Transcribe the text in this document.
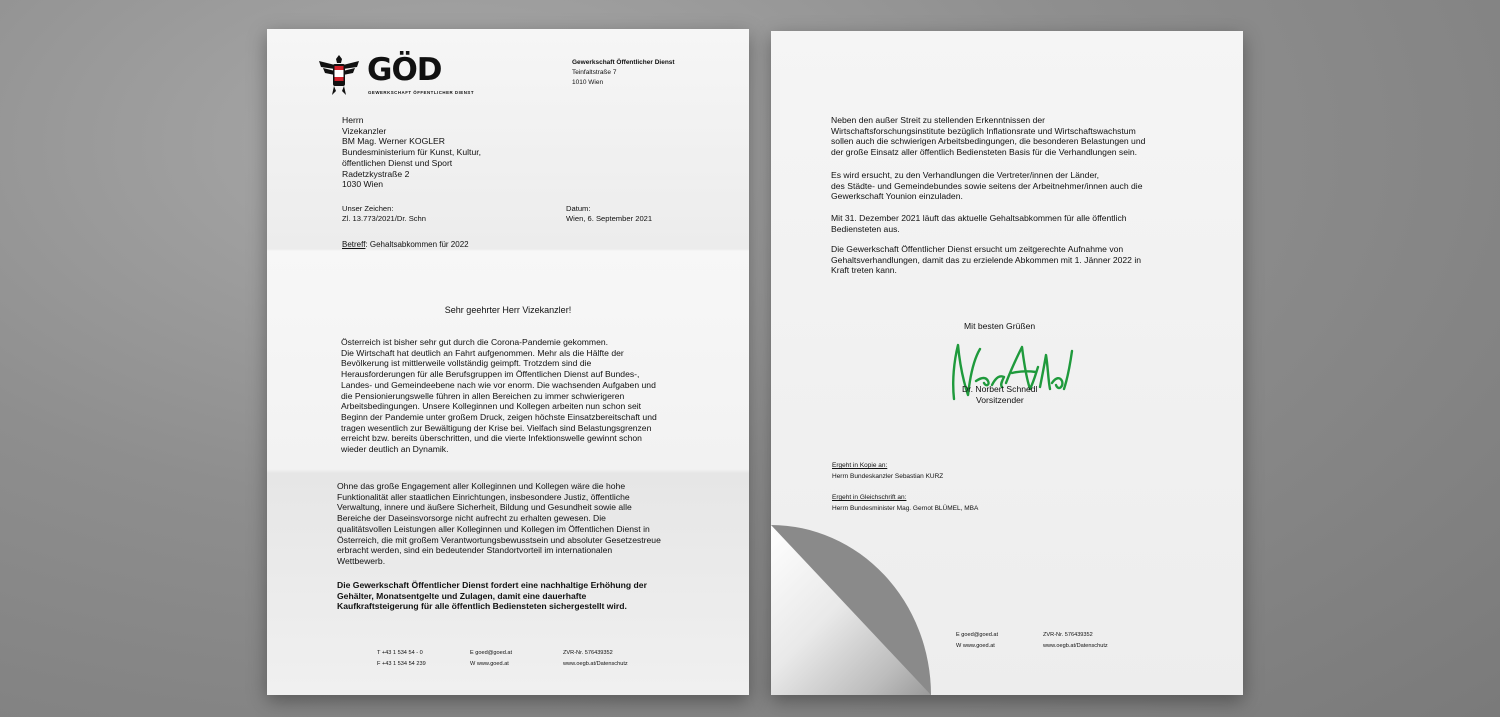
GÖD
GEWERKSCHAFT ÖFFENTLICHER DIENST
Gewerkschaft Öffentlicher Dienst
Teinfaltstraße 7
1010 Wien
Herrn
Vizekanzler
BM Mag. Werner KOGLER
Bundesministerium für Kunst, Kultur,
öffentlichen Dienst und Sport
Radetzkystraße 2
1030 Wien
Unser Zeichen:
Zl. 13.773/2021/Dr. Schn
Datum:
Wien, 6. September 2021
Betreff: Gehaltsabkommen für 2022
Sehr geehrter Herr Vizekanzler!
Österreich ist bisher sehr gut durch die Corona-Pandemie gekommen.
Die Wirtschaft hat deutlich an Fahrt aufgenommen. Mehr als die Hälfte der
Bevölkerung ist mittlerweile vollständig geimpft. Trotzdem sind die
Herausforderungen für alle Berufsgruppen im Öffentlichen Dienst auf Bundes-,
Landes- und Gemeindeebene nach wie vor enorm. Die wachsenden Aufgaben und
die Pensionierungswelle führen in allen Bereichen zu immer schwierigeren
Arbeitsbedingungen. Unsere Kolleginnen und Kollegen arbeiten nun schon seit
Beginn der Pandemie unter großem Druck, zeigen höchste Einsatzbereitschaft und
tragen wesentlich zur Bewältigung der Krise bei. Vielfach sind Belastungsgrenzen
erreicht bzw. bereits überschritten, und die vierte Infektionswelle gewinnt schon
wieder deutlich an Dynamik.
Ohne das große Engagement aller Kolleginnen und Kollegen wäre die hohe
Funktionalität aller staatlichen Einrichtungen, insbesondere Justiz, öffentliche
Verwaltung, innere und äußere Sicherheit, Bildung und Gesundheit sowie alle
Bereiche der Daseinsvorsorge nicht aufrecht zu erhalten gewesen. Die
qualitätsvollen Leistungen aller Kolleginnen und Kollegen im Öffentlichen Dienst in
Österreich, die mit großem Verantwortungsbewusstsein und absoluter Gesetzestreue
erbracht werden, sind ein bedeutender Standortvorteil im internationalen
Wettbewerb.
Die Gewerkschaft Öffentlicher Dienst fordert eine nachhaltige Erhöhung der
Gehälter, Monatsentgelte und Zulagen, damit eine dauerhafte
Kaufkraftsteigerung für alle öffentlich Bediensteten sichergestellt wird.
T +43 1 534 54 - 0
F +43 1 534 54 239
E goed@goed.at
W www.goed.at
ZVR-Nr. 576439352
www.oegb.at/Datenschutz
Neben den außer Streit zu stellenden Erkenntnissen der
Wirtschaftsforschungsinstitute bezüglich Inflationsrate und Wirtschaftswachstum
sollen auch die schwierigen Arbeitsbedingungen, die besonderen Belastungen und
der große Einsatz aller öffentlich Bediensteten Basis für die Verhandlungen sein.
Es wird ersucht, zu den Verhandlungen die Vertreter/innen der Länder,
des Städte- und Gemeindebundes sowie seitens der Arbeitnehmer/innen auch die
Gewerkschaft Younion einzuladen.
Mit 31. Dezember 2021 läuft das aktuelle Gehaltsabkommen für alle öffentlich
Bediensteten aus.
Die Gewerkschaft Öffentlicher Dienst ersucht um zeitgerechte Aufnahme von
Gehaltsverhandlungen, damit das zu erzielende Abkommen mit 1. Jänner 2022 in
Kraft treten kann.
Mit besten Grüßen
Dr. Norbert Schnedl
Vorsitzender
Ergeht in Kopie an:
Herrn Bundeskanzler Sebastian KURZ
Ergeht in Gleichschrift an:
Herrn Bundesminister Mag. Gernot BLÜMEL, MBA
E goed@goed.at
W www.goed.at
ZVR-Nr. 576439352
www.oegb.at/Datenschutz
